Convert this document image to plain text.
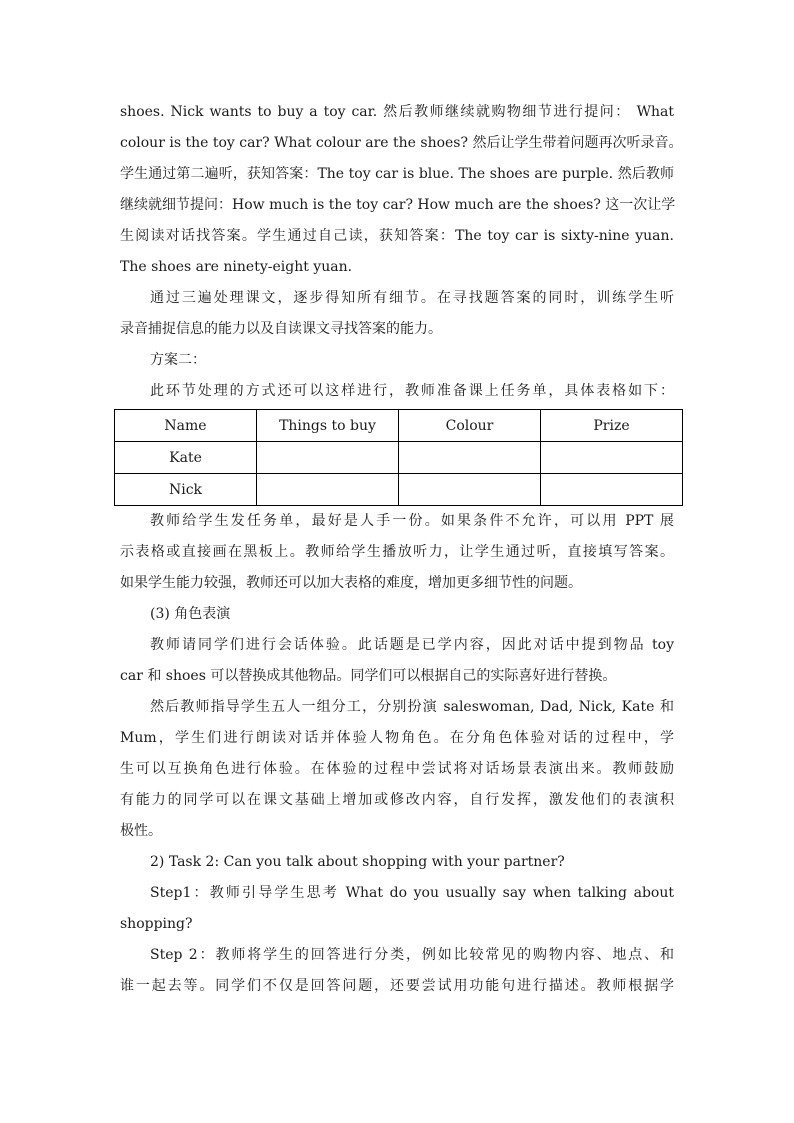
shoes. Nick wants to buy a toy car. 然后教师继续就购物细节进行提问： What
colour is the toy car? What colour are the shoes? 然后让学生带着问题再次听录音。
学生通过第二遍听，获知答案：The toy car is blue. The shoes are purple. 然后教师
继续就细节提问：How much is the toy car? How much are the shoes? 这一次让学
生阅读对话找答案。学生通过自己读，获知答案：The toy car is sixty-nine yuan.
The shoes are ninety-eight yuan.
通过三遍处理课文，逐步得知所有细节。在寻找题答案的同时，训练学生听
录音捕捉信息的能力以及自读课文寻找答案的能力。
方案二：
此环节处理的方式还可以这样进行，教师准备课上任务单，具体表格如下：
教师给学生发任务单，最好是人手一份。如果条件不允许，可以用 PPT 展
示表格或直接画在黑板上。教师给学生播放听力，让学生通过听，直接填写答案。
如果学生能力较强，教师还可以加大表格的难度，增加更多细节性的问题。
(3) 角色表演
教师请同学们进行会话体验。此话题是已学内容，因此对话中提到物品 toy
car 和 shoes 可以替换成其他物品。同学们可以根据自己的实际喜好进行替换。
然后教师指导学生五人一组分工，分别扮演 saleswoman, Dad, Nick, Kate 和
Mum，学生们进行朗读对话并体验人物角色。在分角色体验对话的过程中，学
生可以互换角色进行体验。在体验的过程中尝试将对话场景表演出来。教师鼓励
有能力的同学可以在课文基础上增加或修改内容，自行发挥，激发他们的表演积
极性。
2) Task 2: Can you talk about shopping with your partner?
Step1：教师引导学生思考 What do you usually say when talking about
shopping?
Step 2：教师将学生的回答进行分类，例如比较常见的购物内容、地点、和
谁一起去等。同学们不仅是回答问题，还要尝试用功能句进行描述。教师根据学
Name	Things to buy	Colour	Prize
Kate			
Nick			
